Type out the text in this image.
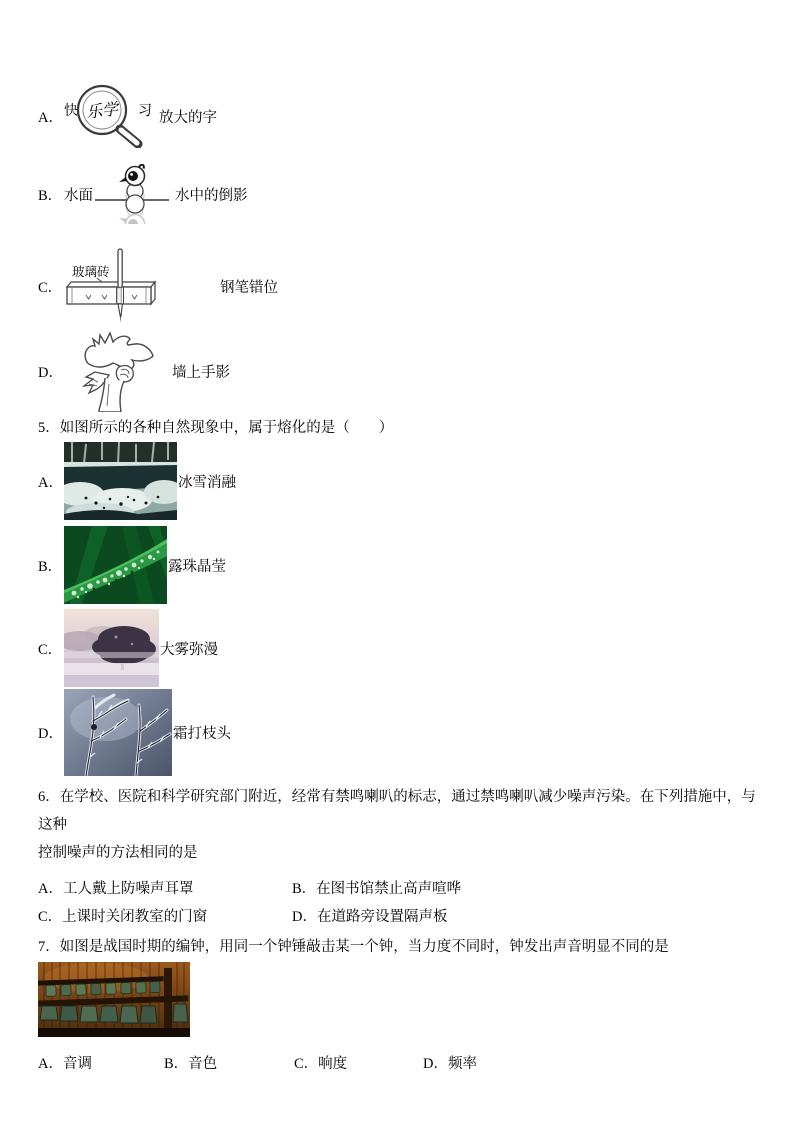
A． 快 乐学 习 放大的字
B． 水面	水中的倒影
C．
玻璃砖
钢笔错位
D．	墙上手影

5．如图所示的各种自然现象中，属于熔化的是（　　）

A．	冰雪消融
B．	露珠晶莹
C．	大雾弥漫
D．	霜打枝头

6．在学校、医院和科学研究部门附近，经常有禁鸣喇叭的标志，通过禁鸣喇叭减少噪声污染。在下列措施中，与这种

控制噪声的方法相同的是

A．工人戴上防噪声耳罩	B．在图书馆禁止高声喧哗
C．上课时关闭教室的门窗	D．在道路旁设置隔声板

7．如图是战国时期的编钟，用同一个钟锤敲击某一个钟，当力度不同时，钟发出声音明显不同的是

A．音调	B．音色	C．响度	D．频率
